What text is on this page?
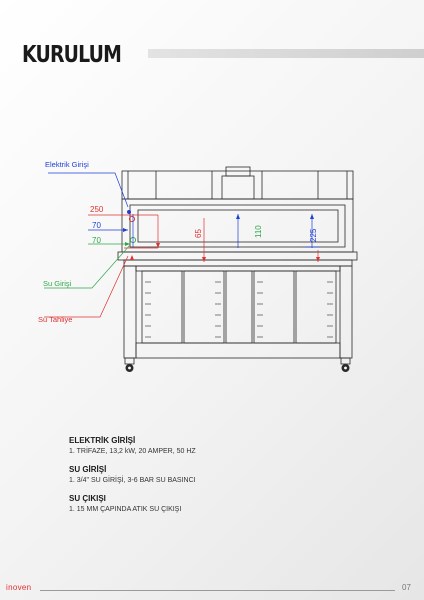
KURULUM
250
70
70
65	110	225
Elektrik Girişi
Su Girişi
Su Tahliye

ELEKTRİK GİRİŞİ

1. TRİFAZE, 13,2 kW, 20 AMPER, 50 HZ

SU GİRİŞİ

1. 3/4" SU GİRİŞİ, 3-6 BAR SU BASINCI

SU ÇIKIŞI

1. 15 MM ÇAPINDA ATIK SU ÇIKIŞI

inoven	07
